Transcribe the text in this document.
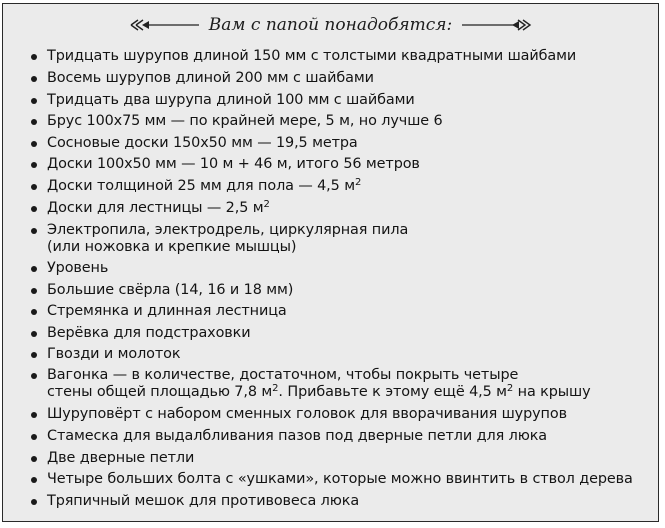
Вам с папой понадобятся:
Тридцать шурупов длиной 150 мм с толстыми квадратными шайбами
Восемь шурупов длиной 200 мм с шайбами
Тридцать два шурупа длиной 100 мм с шайбами
Брус 100x75 мм — по крайней мере, 5 м, но лучше 6
Сосновые доски 150x50 мм — 19,5 метра
Доски 100x50 мм — 10 м + 46 м, итого 56 метров
Доски толщиной 25 мм для пола — 4,5 $м^2$
Доски для лестницы — 2,5 $м^2$
Электропила, электродрель, циркулярная пила
(или ножовка и крепкие мышцы)
Уровень
Большие свёрла (14, 16 и 18 мм)
Стремянка и длинная лестница
Верёвка для подстраховки
Гвозди и молоток
Вагонка — в количестве, достаточном, чтобы покрыть четыре
стены общей площадью 7,8 $м^2$. Прибавьте к этому ещё 4,5 $м^2$ на крышу
Шуруповёрт с набором сменных головок для вворачивания шурупов
Стамеска для выдалбливания пазов под дверные петли для люка
Две дверные петли
Четыре больших болта с «ушками», которые можно ввинтить в ствол дерева
Тряпичный мешок для противовеса люка
